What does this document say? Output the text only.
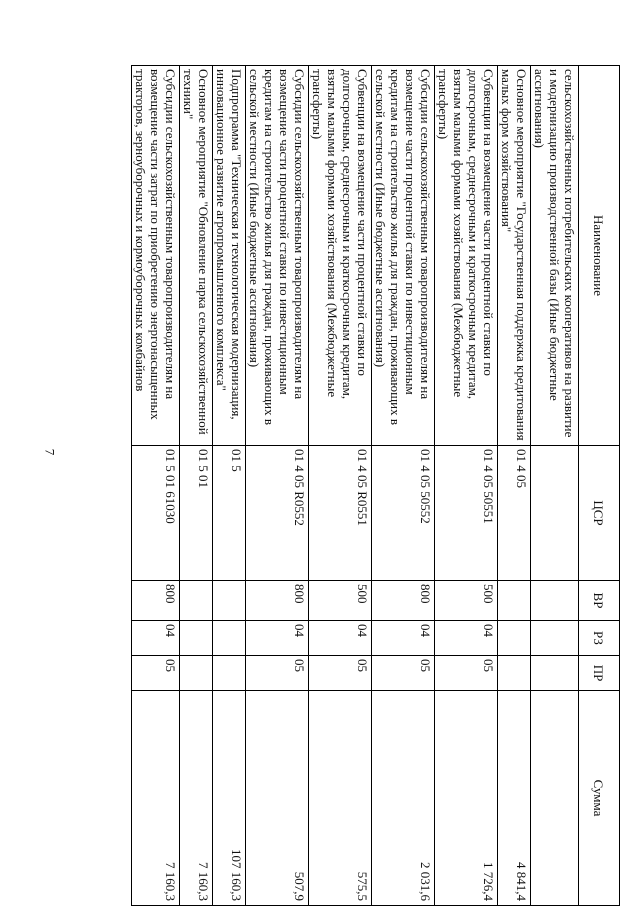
7
Наименование	ЦСР	ВР	РЗ	ПР	Сумма
сельскохозяйственных потребительских кооперативов на развитие и модернизацию производственной базы (Иные бюджетные ассигнования)					
Основное мероприятие "Государственная поддержка кредитования малых форм хозяйствования"	01 4 05				4 841,4
Субвенции на возмещение части процентной ставки по долгосрочным, среднесрочным и краткосрочным кредитам, взятым малыми формами хозяйствования (Межбюджетные трансферты)	01 4 05 50551	500	04	05	1 726,4
Субсидии сельскохозяйственным товаропроизводителям на возмещение части процентной ставки по инвестиционным кредитам на строительство жилья для граждан, проживающих в сельской местности (Иные бюджетные ассигнования)	01 4 05 50552	800	04	05	2 031,6
Субвенции на возмещение части процентной ставки по долгосрочным, среднесрочным и краткосрочным кредитам, взятым малыми формами хозяйствования (Межбюджетные трансферты)	01 4 05 R0551	500	04	05	575,5
Субсидии сельскохозяйственным товаропроизводителям на возмещение части процентной ставки по инвестиционным кредитам на строительство жилья для граждан, проживающих в сельской местности (Иные бюджетные ассигнования)	01 4 05 R0552	800	04	05	507,9
Подпрограмма "Техническая и технологическая модернизация, инновационное развитие агропромышленного комплекса"	01 5				107 160,3
Основное мероприятие "Обновление парка сельскохозяйственной техники"	01 5 01				7 160,3
Субсидии сельскохозяйственным товаропроизводителям на возмещение части затрат по приобретению энергонасыщенных тракторов, зерноуборочных и кормоуборочных комбайнов	01 5 01 61030	800	04	05	7 160,3
